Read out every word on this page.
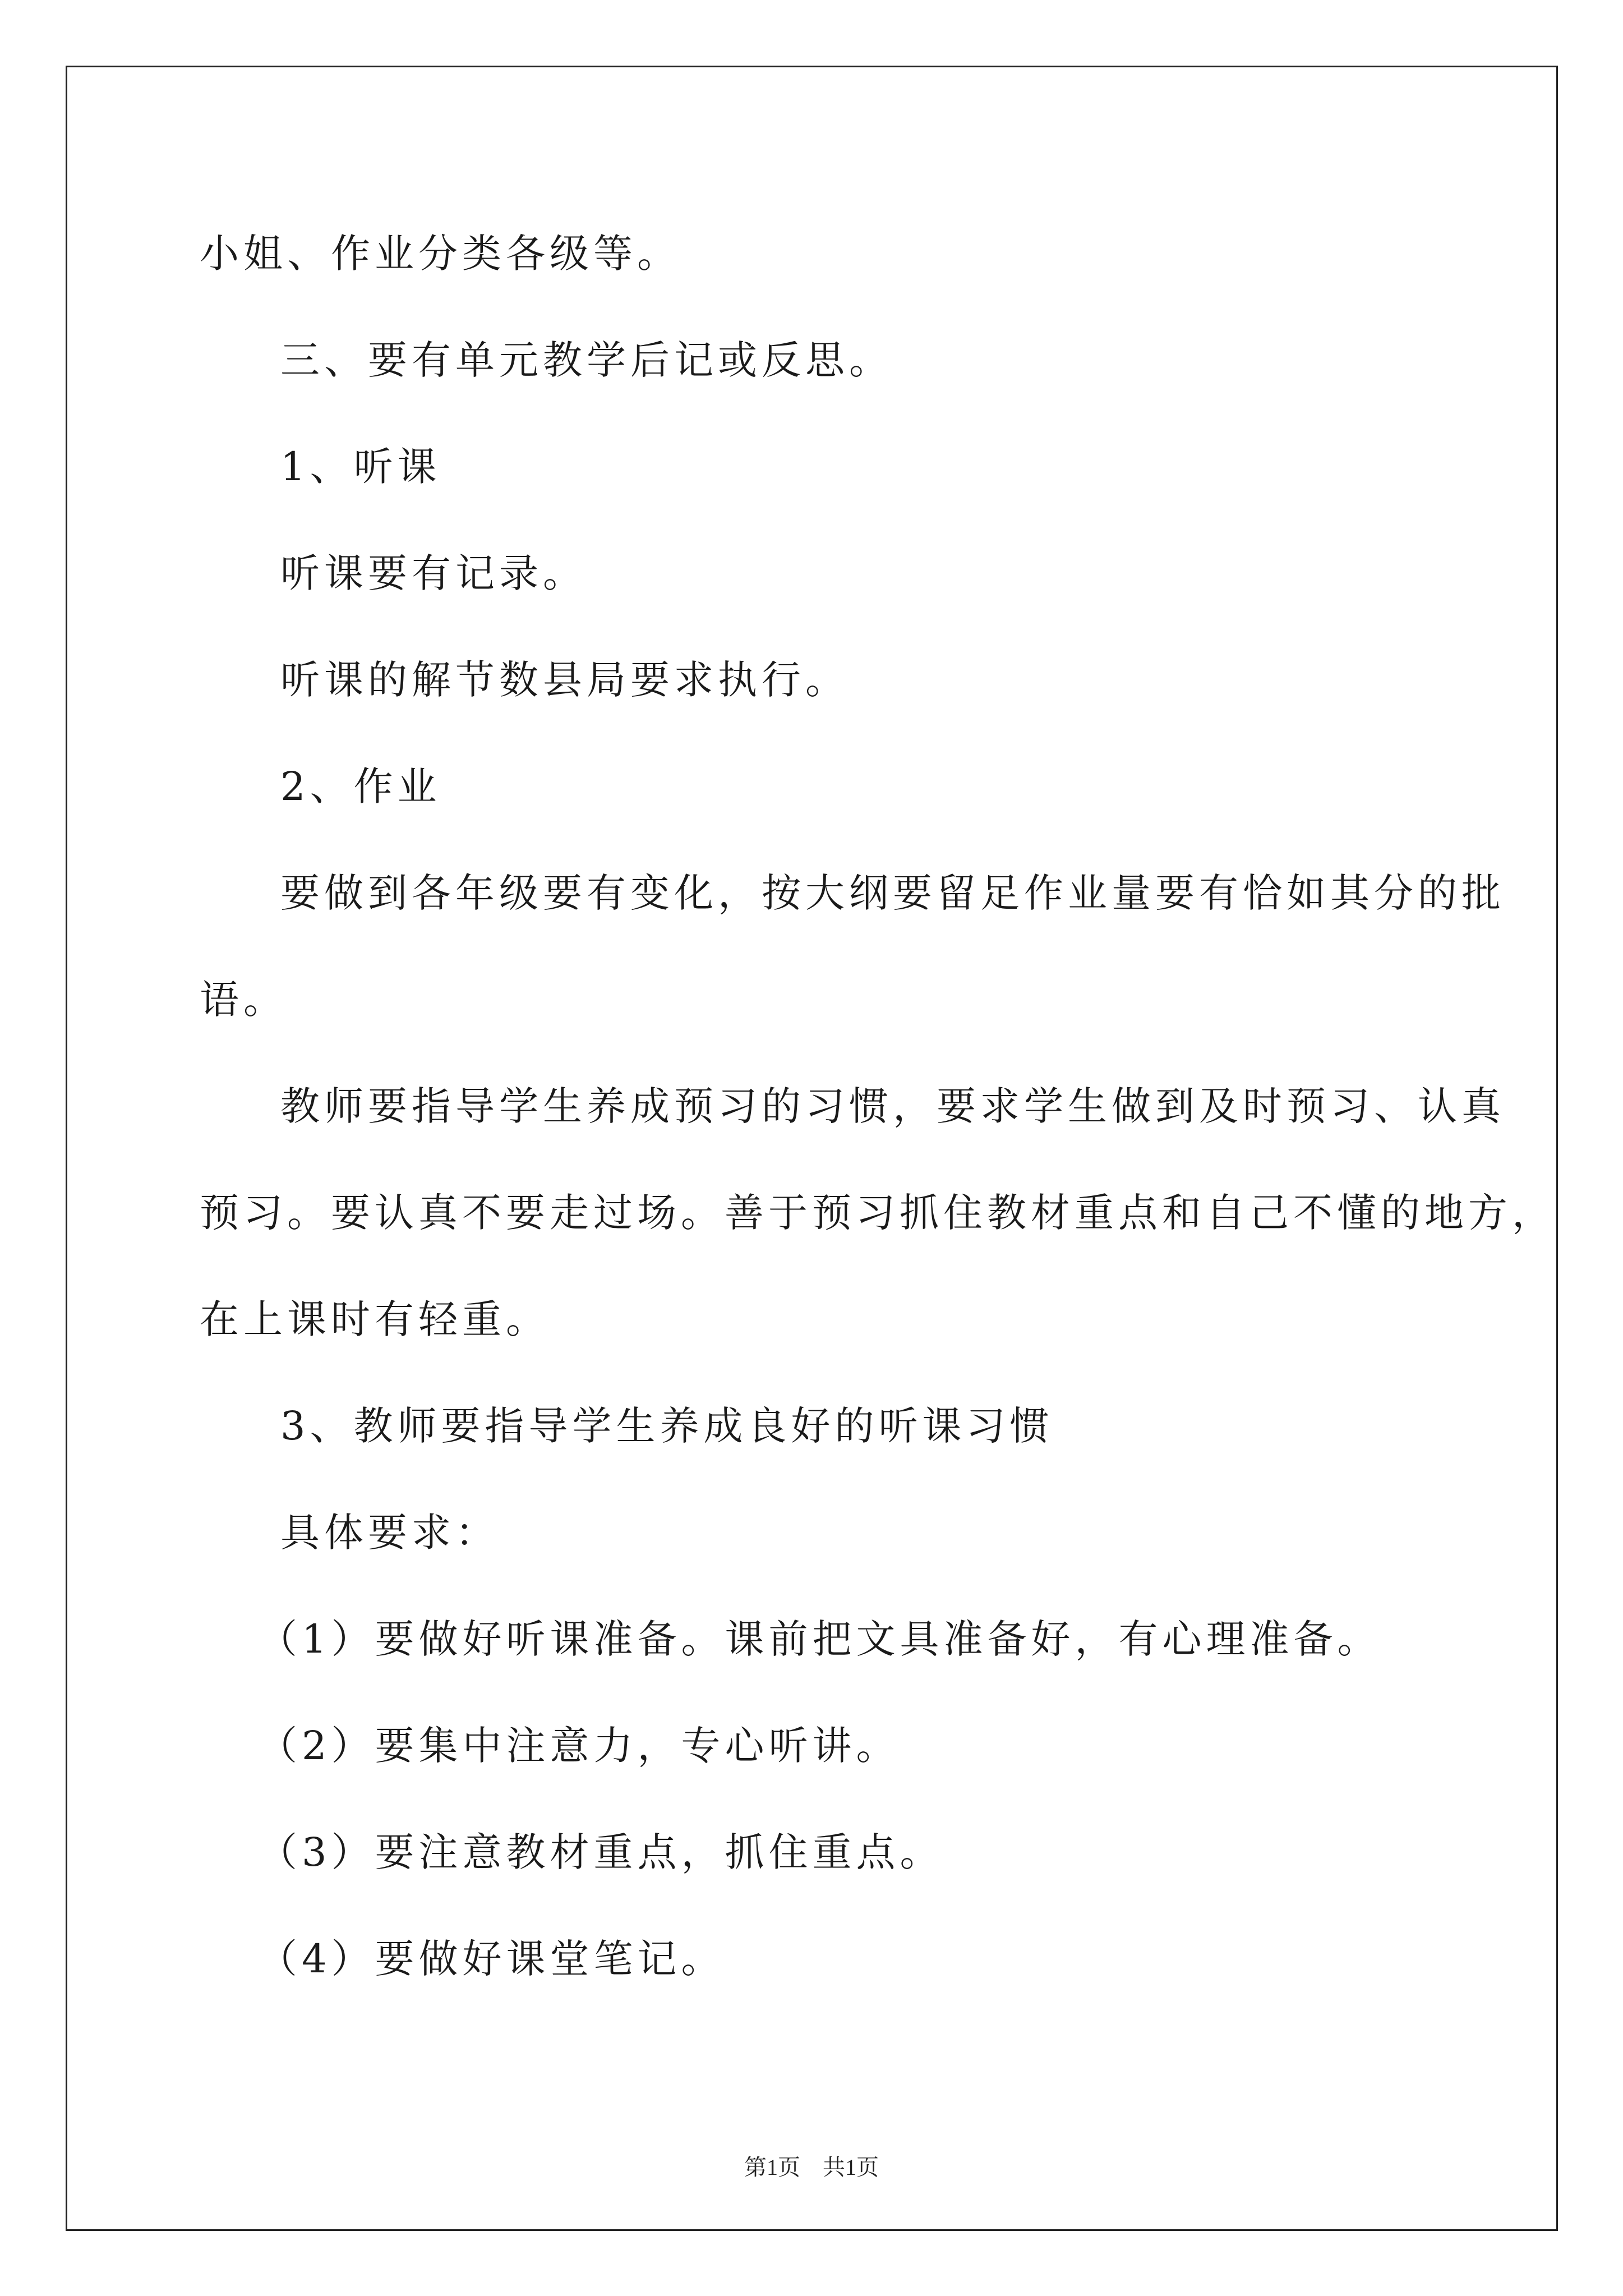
小姐、作业分类各级等。
三、要有单元教学后记或反思。
1、听课
听课要有记录。
听课的解节数县局要求执行。
2、作业
要做到各年级要有变化，按大纲要留足作业量要有恰如其分的批
语。
教师要指导学生养成预习的习惯，要求学生做到及时预习、认真
预习。要认真不要走过场。善于预习抓住教材重点和自己不懂的地方，
在上课时有轻重。
3、教师要指导学生养成良好的听课习惯
具体要求：
（1）要做好听课准备。课前把文具准备好，有心理准备。
（2）要集中注意力，专心听讲。
（3）要注意教材重点，抓住重点。
（4）要做好课堂笔记。
第1页 共1页
